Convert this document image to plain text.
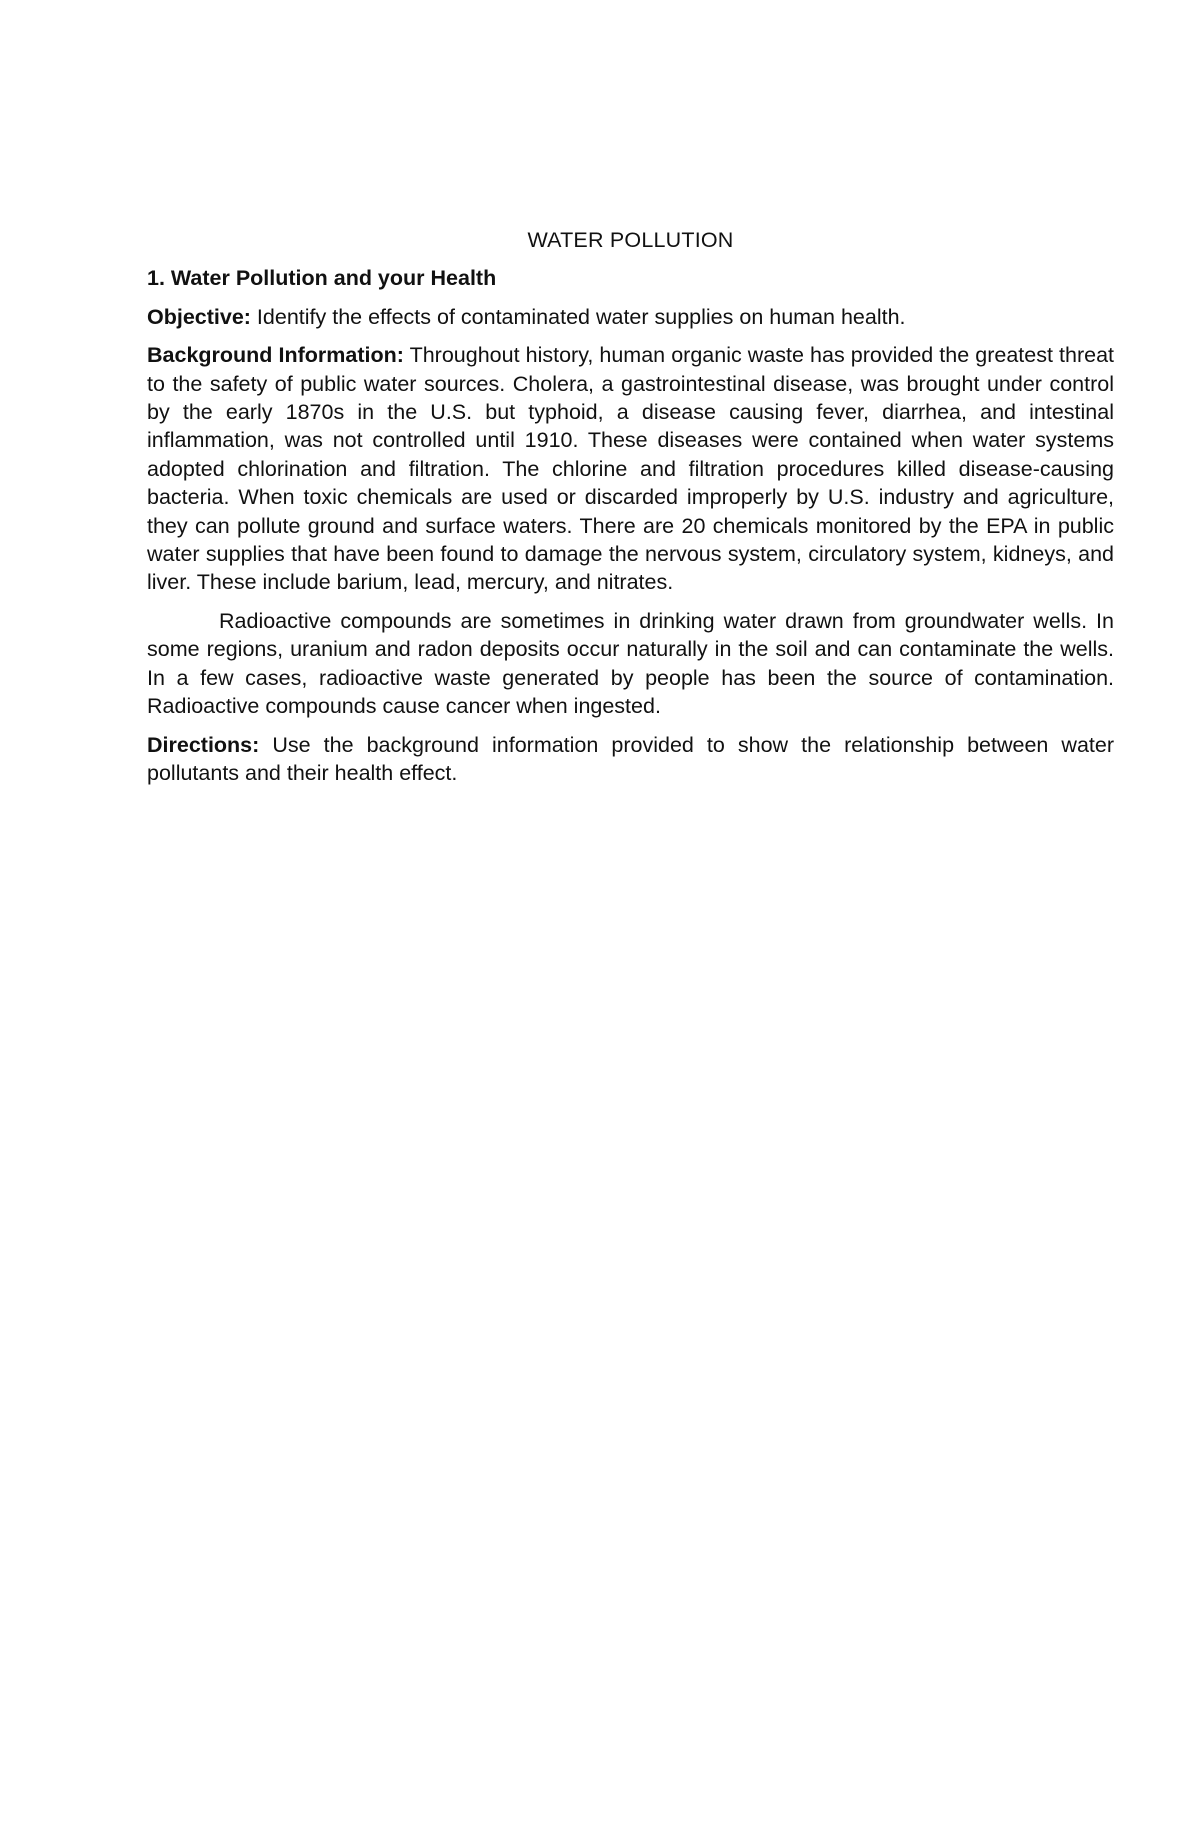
WATER POLLUTION
1. Water Pollution and your Health

Objective: Identify the effects of contaminated water supplies on human health.

Background Information: Throughout history, human organic waste has provided the greatest threat to the safety of public water sources. Cholera, a gastrointestinal disease, was brought under control by the early 1870s in the U.S. but typhoid, a disease causing fever, diarrhea, and intestinal inflammation, was not controlled until 1910. These diseases were contained when water systems adopted chlorination and filtration. The chlorine and filtration procedures killed disease-causing bacteria. When toxic chemicals are used or discarded improperly by U.S. industry and agriculture, they can pollute ground and surface waters. There are 20 chemicals monitored by the EPA in public water supplies that have been found to damage the nervous system, circulatory system, kidneys, and liver. These include barium, lead, mercury, and nitrates.

Radioactive compounds are sometimes in drinking water drawn from groundwater wells. In some regions, uranium and radon deposits occur naturally in the soil and can contaminate the wells. In a few cases, radioactive waste generated by people has been the source of contamination. Radioactive compounds cause cancer when ingested.

Directions: Use the background information provided to show the relationship between water pollutants and their health effect.
